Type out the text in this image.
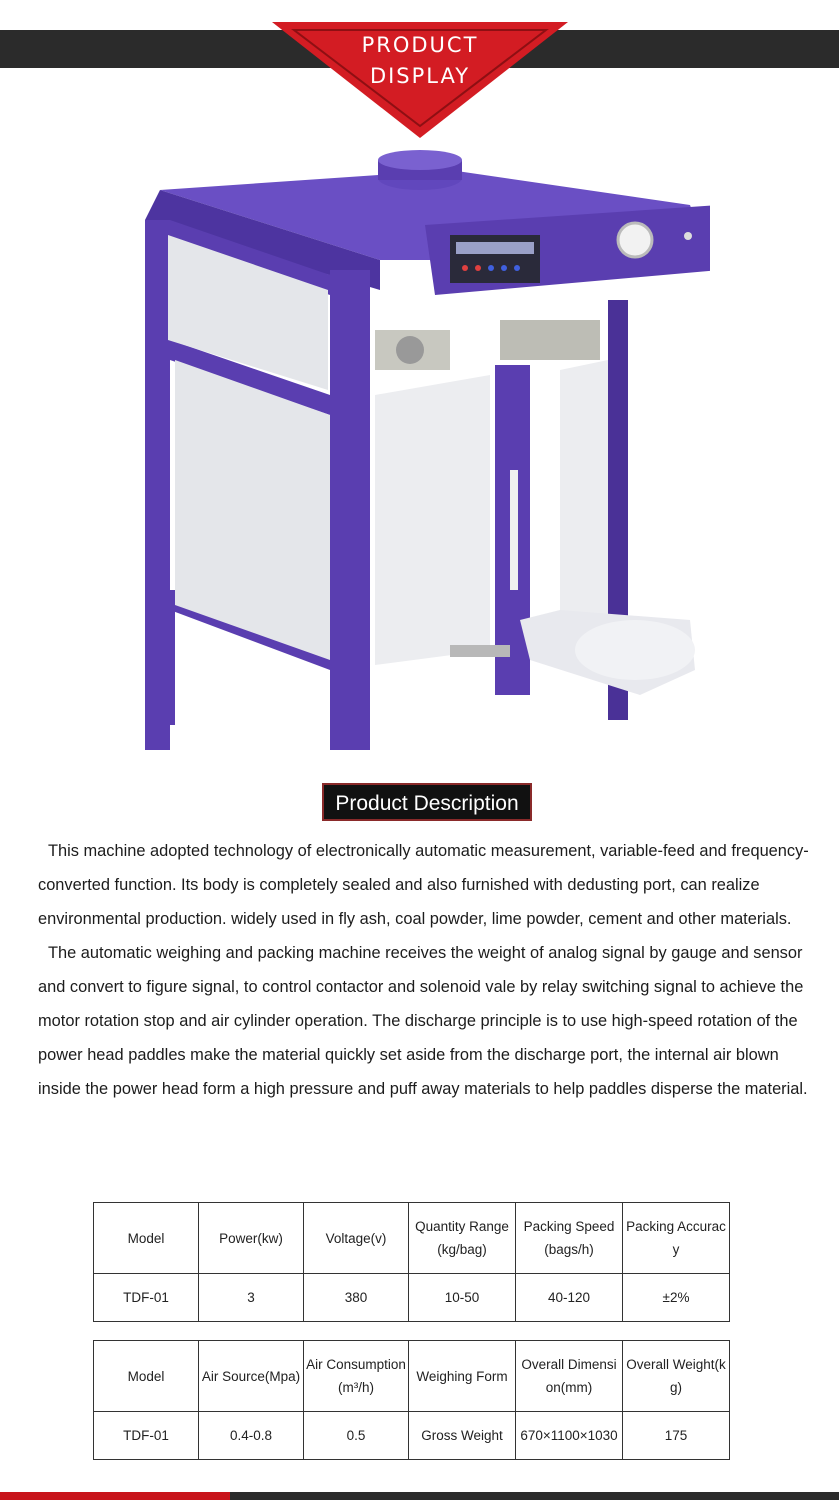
PRODUCT
DISPLAY
Product Description

This machine adopted technology of electronically automatic measurement, variable-feed and frequency-converted function. Its body is completely sealed and also furnished with dedusting port, can realize environmental production. widely used in fly ash, coal powder, lime powder, cement and other materials.

The automatic weighing and packing machine receives the weight of analog signal by gauge and sensor and convert to figure signal, to control contactor and solenoid vale by relay switching signal to achieve the motor rotation stop and air cylinder operation. The discharge principle is to use high-speed rotation of the power head paddles make the material quickly set aside from the discharge port, the internal air blown inside the power head form a high pressure and puff away materials to help paddles disperse the material.

Model	Power(kw)	Voltage(v)	Quantity Range(kg/bag)	Packing Speed(bags/h)	Packing Accuracy
TDF-01	3	380	10-50	40-120	±2%
Model	Air Source(Mpa)	Air Consumption (m³/h)	Weighing Form	Overall Dimension(mm)	Overall Weight(kg)
TDF-01	0.4-0.8	0.5	Gross Weight	670×1100×1030	175
